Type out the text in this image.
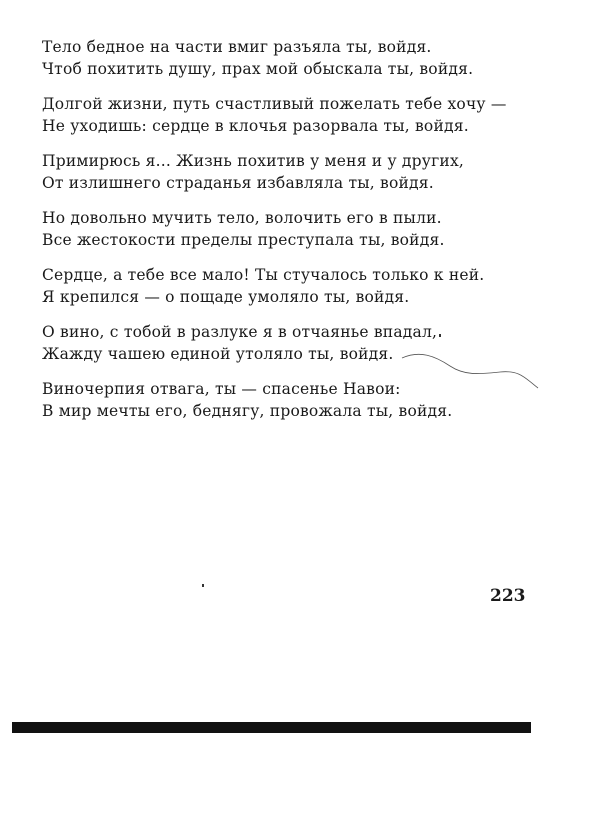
Тело бедное на части вмиг разъяла ты, войдя.
Чтоб похитить душу, прах мой обыскала ты, войдя.
Долгой жизни, путь счастливый пожелать тебе хочу —
Не уходишь: сердце в клочья разорвала ты, войдя.
Примирюсь я... Жизнь похитив у меня и у других,
От излишнего страданья избавляла ты, войдя.
Но довольно мучить тело, волочить его в пыли.
Все жестокости пределы преступала ты, войдя.
Сердце, а тебе все мало! Ты стучалось только к ней.
Я крепился — о пощаде умоляло ты, войдя.
О вино, с тобой в разлуке я в отчаянье впадал,
Жажду чашею единой утоляло ты, войдя.
Виночерпия отвага, ты — спасенье Навои:
В мир мечты его, беднягу, провожала ты, войдя.
223
